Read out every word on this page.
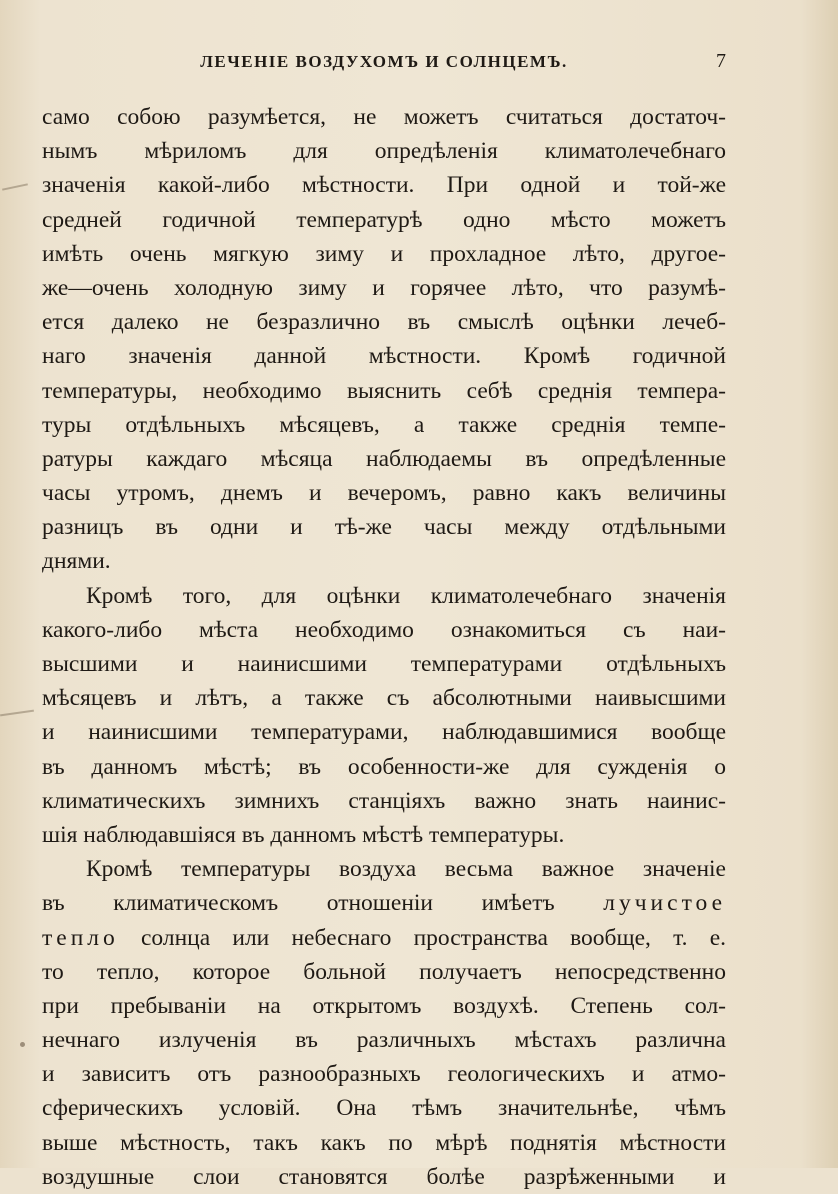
ЛЕЧЕНІЕ ВОЗДУХОМЪ И СОЛНЦЕМЪ.	7
само собою разумѣется, не можетъ считаться достаточ-
нымъ мѣриломъ для опредѣленія климатолечебнаго
значенія какой-либо мѣстности. При одной и той-же
средней годичной температурѣ одно мѣсто можетъ
имѣть очень мягкую зиму и прохладное лѣто, другое-
же—очень холодную зиму и горячее лѣто, что разумѣ-
ется далеко не безразлично въ смыслѣ оцѣнки лечеб-
наго значенія данной мѣстности. Кромѣ годичной
температуры, необходимо выяснить себѣ среднія темпера-
туры отдѣльныхъ мѣсяцевъ, а также среднія темпе-
ратуры каждаго мѣсяца наблюдаемы въ опредѣленные
часы утромъ, днемъ и вечеромъ, равно какъ величины
разницъ въ одни и тѣ-же часы между отдѣльными
днями.
Кромѣ того, для оцѣнки климатолечебнаго значенія
какого-либо мѣста необходимо ознакомиться съ наи-
высшими и наинисшими температурами отдѣльныхъ
мѣсяцевъ и лѣтъ, а также съ абсолютными наивысшими
и наинисшими температурами, наблюдавшимися вообще
въ данномъ мѣстѣ; въ особенности-же для сужденія о
климатическихъ зимнихъ станціяхъ важно знать наинис-
шія наблюдавшіяся въ данномъ мѣстѣ температуры.
Кромѣ температуры воздуха весьма важное значеніе
въ климатическомъ отношеніи имѣетъ лучистое
тепло солнца или небеснаго пространства вообще, т. е.
то тепло, которое больной получаетъ непосредственно
при пребываніи на открытомъ воздухѣ. Степень сол-
нечнаго излученія въ различныхъ мѣстахъ различна
и зависитъ отъ разнообразныхъ геологическихъ и атмо-
сферическихъ условій. Она тѣмъ значительнѣе, чѣмъ
выше мѣстность, такъ какъ по мѣрѣ поднятія мѣстности
воздушные слои становятся болѣе разрѣженными и
